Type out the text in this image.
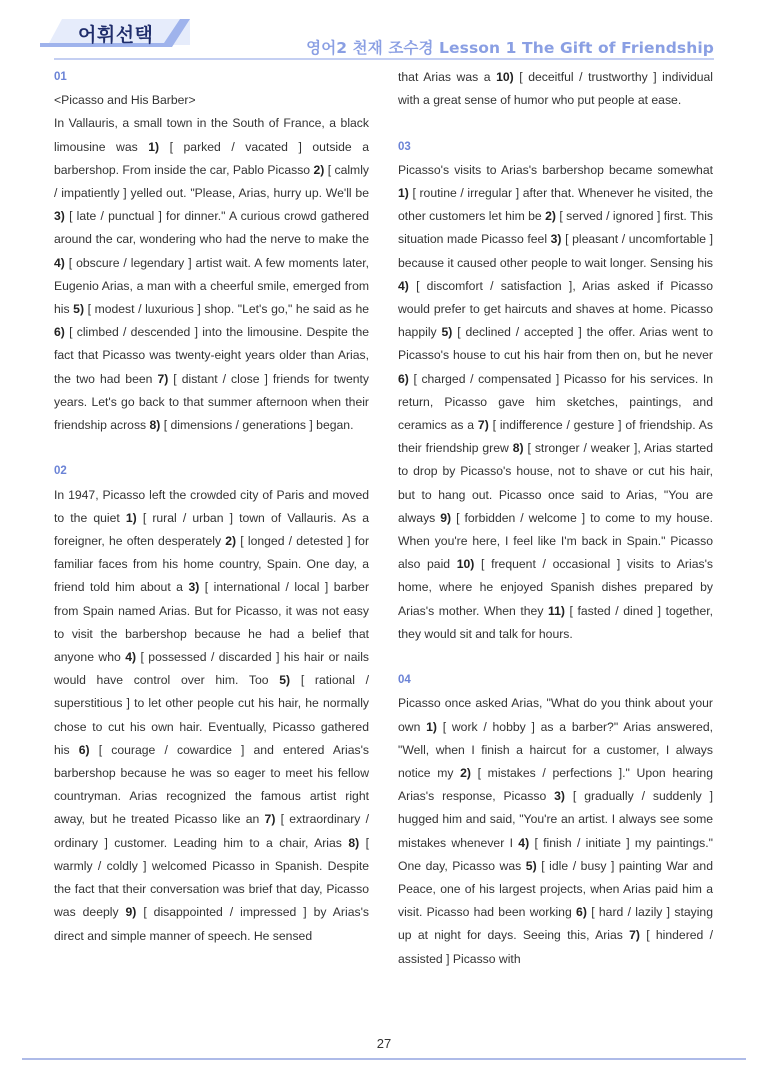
어휘선택
영어2 천재 조수경 Lesson 1 The Gift of Friendship
01

<Picasso and His Barber>
In Vallauris, a small town in the South of France, a black limousine was 1) [ parked / vacated ] outside a barbershop. From inside the car, Pablo Picasso 2) [ calmly / impatiently ] yelled out. "Please, Arias, hurry up. We'll be 3) [ late / punctual ] for dinner." A curious crowd gathered around the car, wondering who had the nerve to make the 4) [ obscure / legendary ] artist wait. A few moments later, Eugenio Arias, a man with a cheerful smile, emerged from his 5) [ modest / luxurious ] shop. "Let's go," he said as he 6) [ climbed / descended ] into the limousine. Despite the fact that Picasso was twenty-eight years older than Arias, the two had been 7) [ distant / close ] friends for twenty years. Let's go back to that summer afternoon when their friendship across 8) [ dimensions / generations ] began.

02

In 1947, Picasso left the crowded city of Paris and moved to the quiet 1) [ rural / urban ] town of Vallauris. As a foreigner, he often desperately 2) [ longed / detested ] for familiar faces from his home country, Spain. One day, a friend told him about a 3) [ international / local ] barber from Spain named Arias. But for Picasso, it was not easy to visit the barbershop because he had a belief that anyone who 4) [ possessed / discarded ] his hair or nails would have control over him. Too 5) [ rational / superstitious ] to let other people cut his hair, he normally chose to cut his own hair. Eventually, Picasso gathered his 6) [ courage / cowardice ] and entered Arias's barbershop because he was so eager to meet his fellow countryman. Arias recognized the famous artist right away, but he treated Picasso like an 7) [ extraordinary / ordinary ] customer. Leading him to a chair, Arias 8) [ warmly / coldly ] welcomed Picasso in Spanish. Despite the fact that their conversation was brief that day, Picasso was deeply 9) [ disappointed / impressed ] by Arias's direct and simple manner of speech. He sensed

that Arias was a 10) [ deceitful / trustworthy ] individual with a great sense of humor who put people at ease.

03

Picasso's visits to Arias's barbershop became somewhat 1) [ routine / irregular ] after that. Whenever he visited, the other customers let him be 2) [ served / ignored ] first. This situation made Picasso feel 3) [ pleasant / uncomfortable ] because it caused other people to wait longer. Sensing his 4) [ discomfort / satisfaction ], Arias asked if Picasso would prefer to get haircuts and shaves at home. Picasso happily 5) [ declined / accepted ] the offer. Arias went to Picasso's house to cut his hair from then on, but he never 6) [ charged / compensated ] Picasso for his services. In return, Picasso gave him sketches, paintings, and ceramics as a 7) [ indifference / gesture ] of friendship. As their friendship grew 8) [ stronger / weaker ], Arias started to drop by Picasso's house, not to shave or cut his hair, but to hang out. Picasso once said to Arias, "You are always 9) [ forbidden / welcome ] to come to my house. When you're here, I feel like I'm back in Spain." Picasso also paid 10) [ frequent / occasional ] visits to Arias's home, where he enjoyed Spanish dishes prepared by Arias's mother. When they 11) [ fasted / dined ] together, they would sit and talk for hours.

04

Picasso once asked Arias, "What do you think about your own 1) [ work / hobby ] as a barber?" Arias answered, "Well, when I finish a haircut for a customer, I always notice my 2) [ mistakes / perfections ]." Upon hearing Arias's response, Picasso 3) [ gradually / suddenly ] hugged him and said, "You're an artist. I always see some mistakes whenever I 4) [ finish / initiate ] my paintings." One day, Picasso was 5) [ idle / busy ] painting War and Peace, one of his largest projects, when Arias paid him a visit. Picasso had been working 6) [ hard / lazily ] staying up at night for days. Seeing this, Arias 7) [ hindered / assisted ] Picasso with

27
